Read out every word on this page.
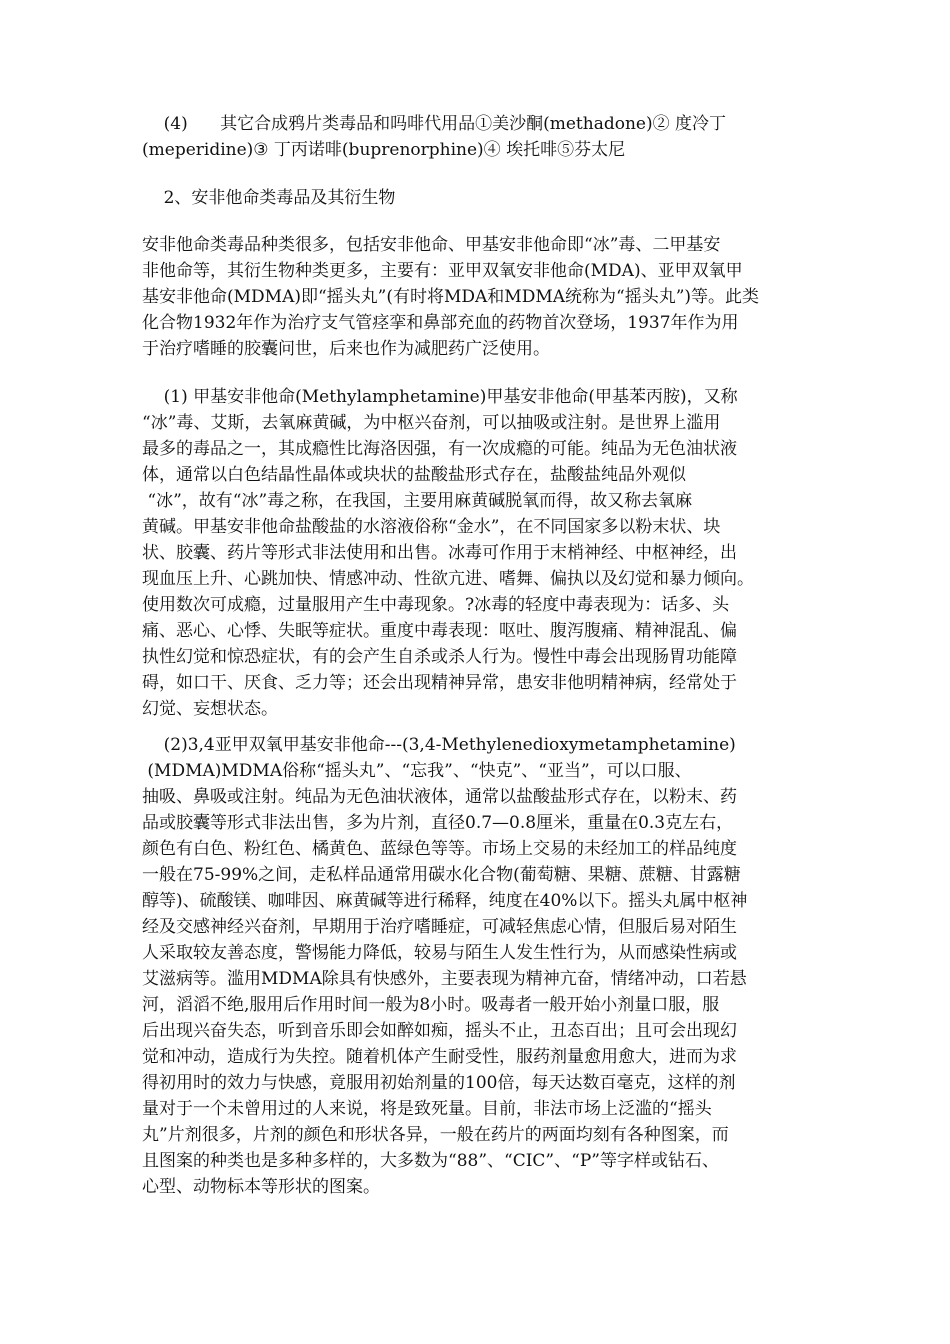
(4)      其它合成鸦片类毒品和吗啡代用品①美沙酮(methadone)② 度冷丁
(meperidine)③ 丁丙诺啡(buprenorphine)④ 埃托啡⑤芬太尼
2、安非他命类毒品及其衍生物
安非他命类毒品种类很多，包括安非他命、甲基安非他命即“冰”毒、二甲基安
非他命等，其衍生物种类更多，主要有：亚甲双氧安非他命(MDA)、亚甲双氧甲
基安非他命(MDMA)即“摇头丸”(有时将MDA和MDMA统称为“摇头丸”)等。此类
化合物1932年作为治疗支气管痉挛和鼻部充血的药物首次登场，1937年作为用
于治疗嗜睡的胶囊问世，后来也作为减肥药广泛使用。
(1) 甲基安非他命(Methylamphetamine)甲基安非他命(甲基苯丙胺)，又称
“冰”毒、艾斯，去氧麻黄碱，为中枢兴奋剂，可以抽吸或注射。是世界上滥用
最多的毒品之一，其成瘾性比海洛因强，有一次成瘾的可能。纯品为无色油状液
体，通常以白色结晶性晶体或块状的盐酸盐形式存在，盐酸盐纯品外观似
“冰”，故有“冰”毒之称，在我国，主要用麻黄碱脱氧而得，故又称去氧麻
黄碱。甲基安非他命盐酸盐的水溶液俗称“金水”，在不同国家多以粉末状、块
状、胶囊、药片等形式非法使用和出售。冰毒可作用于末梢神经、中枢神经，出
现血压上升、心跳加快、情感冲动、性欲亢进、嗜舞、偏执以及幻觉和暴力倾向。
使用数次可成瘾，过量服用产生中毒现象。?冰毒的轻度中毒表现为：话多、头
痛、恶心、心悸、失眠等症状。重度中毒表现：呕吐、腹泻腹痛、精神混乱、偏
执性幻觉和惊恐症状，有的会产生自杀或杀人行为。慢性中毒会出现肠胃功能障
碍，如口干、厌食、乏力等；还会出现精神异常，患安非他明精神病，经常处于
幻觉、妄想状态。
(2)3,4亚甲双氧甲基安非他命---(3,4-Methylenedioxymetamphetamine)
(MDMA)MDMA俗称“摇头丸”、“忘我”、“快克”、“亚当”，可以口服、
抽吸、鼻吸或注射。纯品为无色油状液体，通常以盐酸盐形式存在，以粉末、药
品或胶囊等形式非法出售，多为片剂，直径0.7—0.8厘米，重量在0.3克左右，
颜色有白色、粉红色、橘黄色、蓝绿色等等。市场上交易的未经加工的样品纯度
一般在75-99%之间，走私样品通常用碳水化合物(葡萄糖、果糖、蔗糖、甘露糖
醇等)、硫酸镁、咖啡因、麻黄碱等进行稀释，纯度在40%以下。摇头丸属中枢神
经及交感神经兴奋剂，早期用于治疗嗜睡症，可减轻焦虑心情，但服后易对陌生
人采取较友善态度，警惕能力降低，较易与陌生人发生性行为，从而感染性病或
艾滋病等。滥用MDMA除具有快感外，主要表现为精神亢奋，情绪冲动，口若悬
河，滔滔不绝,服用后作用时间一般为8小时。吸毒者一般开始小剂量口服，服
后出现兴奋失态，听到音乐即会如醉如痴，摇头不止，丑态百出；且可会出现幻
觉和冲动，造成行为失控。随着机体产生耐受性，服药剂量愈用愈大，进而为求
得初用时的效力与快感，竟服用初始剂量的100倍，每天达数百毫克，这样的剂
量对于一个未曾用过的人来说，将是致死量。目前，非法市场上泛滥的“摇头
丸”片剂很多，片剂的颜色和形状各异，一般在药片的两面均刻有各种图案，而
且图案的种类也是多种多样的，大多数为“88”、“CIC”、“P”等字样或钻石、
心型、动物标本等形状的图案。
